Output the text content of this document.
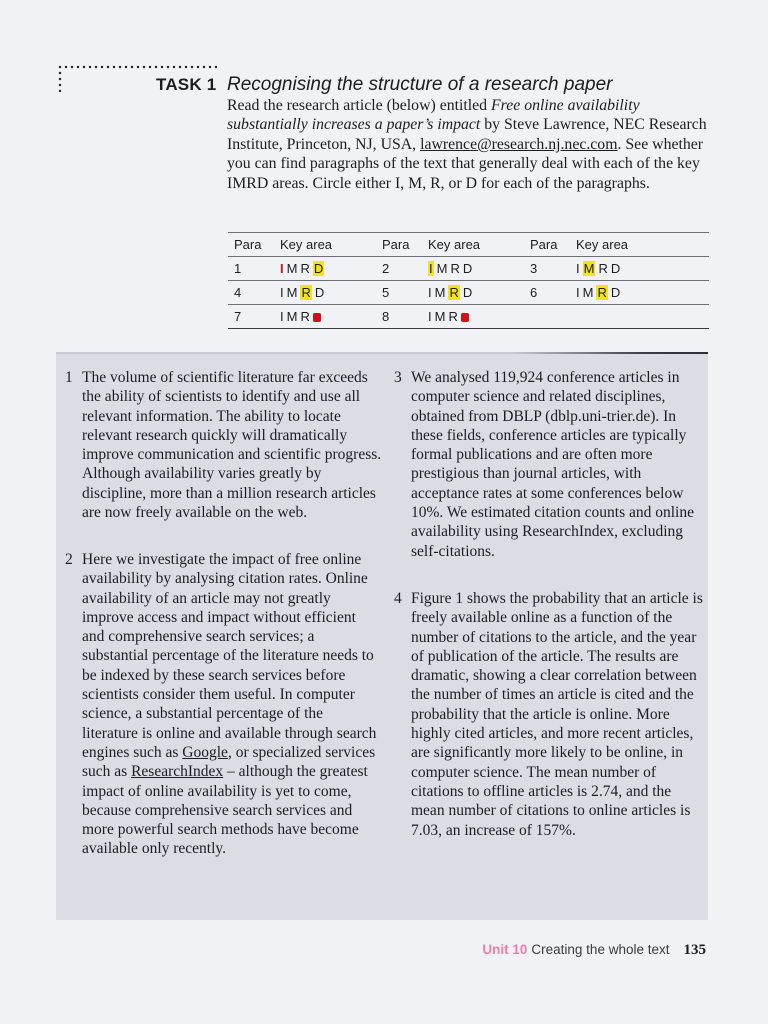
TASK 1 Recognising the structure of a research paper

Read the research article (below) entitled Free online availability substantially increases a paper’s impact by Steve Lawrence, NEC Research Institute, Princeton, NJ, USA, lawrence@research.nj.nec.com. See whether you can find paragraphs of the text that generally deal with each of the key IMRD areas. Circle either I, M, R, or D for each of the paragraphs.

Para	Key area	Para	Key area	Para	Key area
1	I M R D	2	I M R D	3	I M R D
4	I M R D	5	I M R D	6	I M R D
7	I M R	8	I M R		

1 The volume of scientific literature far exceeds the ability of scientists to identify and use all relevant information. The ability to locate relevant research quickly will dramatically improve communication and scientific progress. Although availability varies greatly by discipline, more than a million research articles are now freely available on the web.

2 Here we investigate the impact of free online availability by analysing citation rates. Online availability of an article may not greatly improve access and impact without efficient and comprehensive search services; a substantial percentage of the literature needs to be indexed by these search services before scientists consider them useful. In computer science, a substantial percentage of the literature is online and available through search engines such as Google, or specialized services such as ResearchIndex – although the greatest impact of online availability is yet to come, because comprehensive search services and more powerful search methods have become available only recently.

3 We analysed 119,924 conference articles in computer science and related disciplines, obtained from DBLP (dblp.uni-trier.de). In these fields, conference articles are typically formal publications and are often more prestigious than journal articles, with acceptance rates at some conferences below 10%. We estimated citation counts and online availability using ResearchIndex, excluding self-citations.

4 Figure 1 shows the probability that an article is freely available online as a function of the number of citations to the article, and the year of publication of the article. The results are dramatic, showing a clear correlation between the number of times an article is cited and the probability that the article is online. More highly cited articles, and more recent articles, are significantly more likely to be online, in computer science. The mean number of citations to offline articles is 2.74, and the mean number of citations to online articles is 7.03, an increase of 157%.

Unit 10 Creating the whole text 135
